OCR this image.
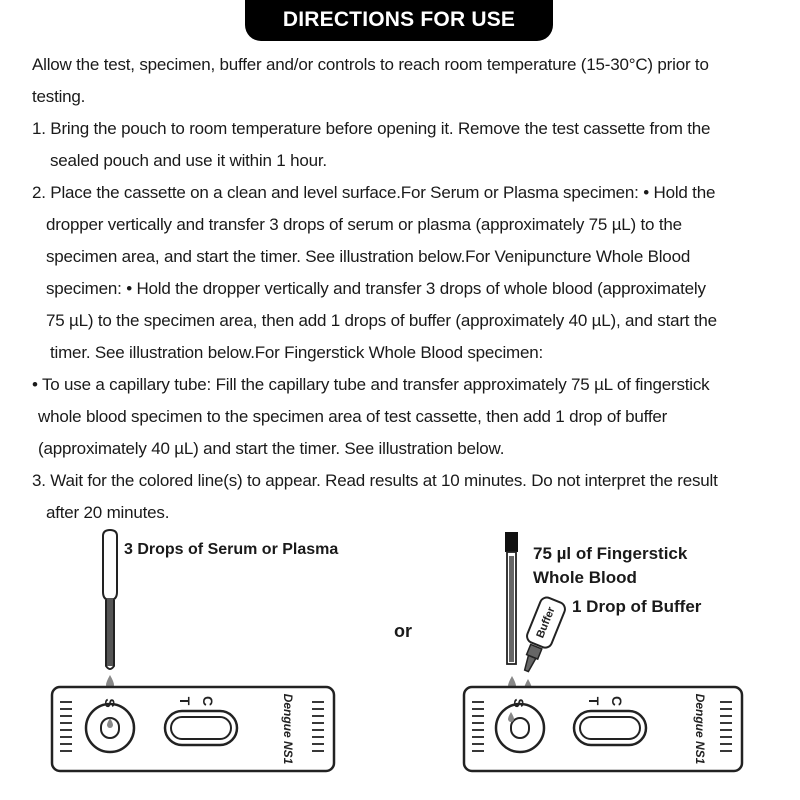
DIRECTIONS FOR USE
Allow the test, specimen, buffer and/or controls to reach room temperature (15-30°C) prior to
testing.
1. Bring the pouch to room temperature before opening it. Remove the test cassette from the
sealed pouch and use it within 1 hour.
2. Place the cassette on a clean and level surface.For Serum or Plasma specimen: • Hold the
dropper vertically and transfer 3 drops of serum or plasma (approximately 75 µL) to the
specimen area, and start the timer. See illustration below.For Venipuncture Whole Blood
specimen: • Hold the dropper vertically and transfer 3 drops of whole blood (approximately
75 µL) to the specimen area, then add 1 drops of buffer (approximately 40 µL), and start the
timer. See illustration below.For Fingerstick Whole Blood specimen:
• To use a capillary tube: Fill the capillary tube and transfer approximately 75 µL of fingerstick
whole blood specimen to the specimen area of test cassette, then add 1 drop of buffer
(approximately 40 µL) and start the timer. See illustration below.
3. Wait for the colored line(s) to appear. Read results at 10 minutes. Do not interpret the result
after 20 minutes.
S	T C	Dengue NS1
Buffer
S	T C	Dengue NS1
3 Drops of Serum or Plasma
or
75 µl of Fingerstick
Whole Blood
1 Drop of Buffer
